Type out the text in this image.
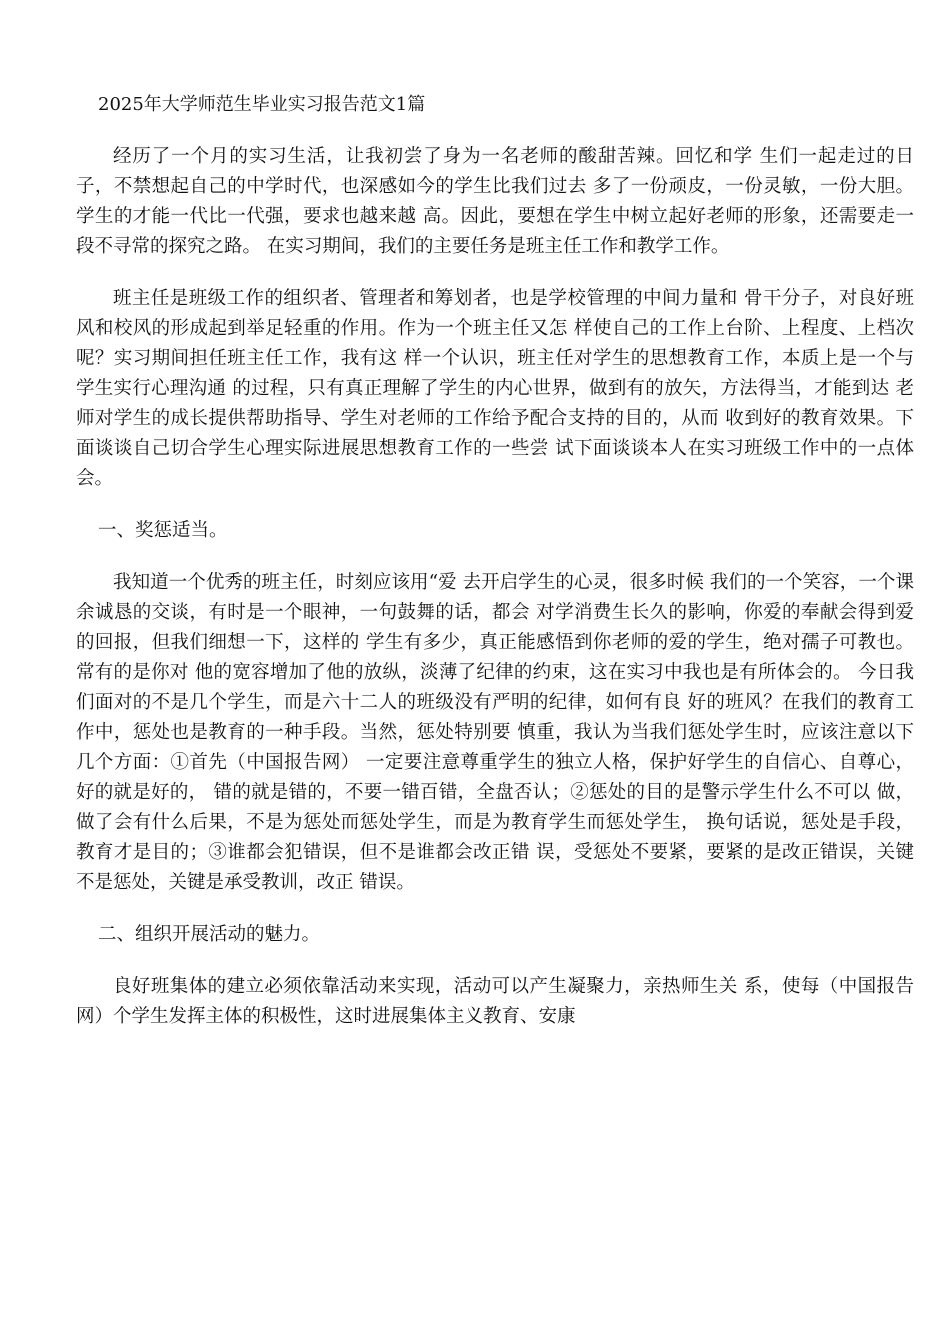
2025年大学师范生毕业实习报告范文1篇

经历了一个月的实习生活，让我初尝了身为一名老师的酸甜苦辣。回忆和学 生们一起走过的日子，不禁想起自己的中学时代，也深感如今的学生比我们过去 多了一份顽皮，一份灵敏，一份大胆。学生的才能一代比一代强，要求也越来越 高。因此，要想在学生中树立起好老师的形象，还需要走一段不寻常的探究之路。 在实习期间，我们的主要任务是班主任工作和教学工作。

班主任是班级工作的组织者、管理者和筹划者，也是学校管理的中间力量和 骨干分子，对良好班风和校风的形成起到举足轻重的作用。作为一个班主任又怎 样使自己的工作上台阶、上程度、上档次呢？实习期间担任班主任工作，我有这 样一个认识，班主任对学生的思想教育工作，本质上是一个与学生实行心理沟通 的过程，只有真正理解了学生的内心世界，做到有的放矢，方法得当，才能到达 老师对学生的成长提供帮助指导、学生对老师的工作给予配合支持的目的，从而 收到好的教育效果。下面谈谈自己切合学生心理实际进展思想教育工作的一些尝 试下面谈谈本人在实习班级工作中的一点体会。

一、奖惩适当。

我知道一个优秀的班主任，时刻应该用“爱 去开启学生的心灵，很多时候 我们的一个笑容，一个课余诚恳的交谈，有时是一个眼神，一句鼓舞的话，都会 对学消费生长久的影响，你爱的奉献会得到爱的回报，但我们细想一下，这样的 学生有多少，真正能感悟到你老师的爱的学生，绝对孺子可教也。常有的是你对 他的宽容增加了他的放纵，淡薄了纪律的约束，这在实习中我也是有所体会的。 今日我们面对的不是几个学生，而是六十二人的班级没有严明的纪律，如何有良 好的班风？在我们的教育工作中，惩处也是教育的一种手段。当然，惩处特别要 慎重，我认为当我们惩处学生时，应该注意以下几个方面：①首先（中国报告网） 一定要注意尊重学生的独立人格，保护好学生的自信心、自尊心，好的就是好的， 错的就是错的，不要一错百错，全盘否认；②惩处的目的是警示学生什么不可以 做，做了会有什么后果，不是为惩处而惩处学生，而是为教育学生而惩处学生， 换句话说，惩处是手段，教育才是目的；③谁都会犯错误，但不是谁都会改正错 误，受惩处不要紧，要紧的是改正错误，关键不是惩处，关键是承受教训，改正 错误。

二、组织开展活动的魅力。

良好班集体的建立必须依靠活动来实现，活动可以产生凝聚力，亲热师生关 系，使每（中国报告网）个学生发挥主体的积极性，这时进展集体主义教育、安康
